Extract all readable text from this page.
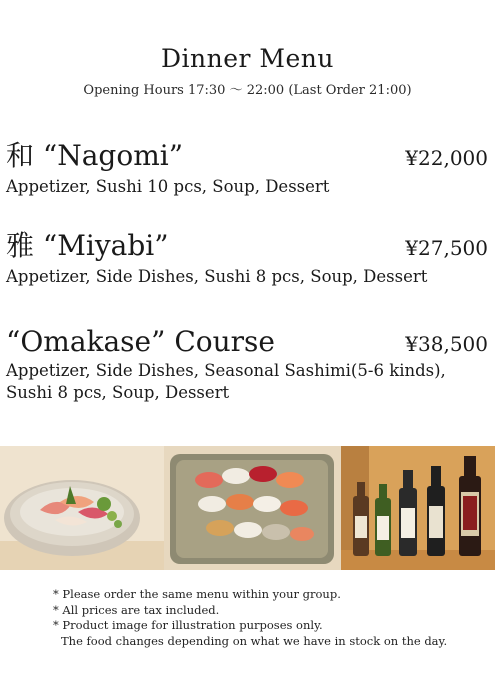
Dinner Menu
Opening Hours 17:30 〜 22:00 (Last Order 21:00)
和 “Nagomi”	¥22,000
Appetizer, Sushi 10 pcs, Soup, Dessert
雅 “Miyabi”	¥27,500
Appetizer, Side Dishes, Sushi 8 pcs, Soup, Dessert
“Omakase” Course	¥38,500
Appetizer, Side Dishes, Seasonal Sashimi(5-6 kinds), Sushi 8 pcs, Soup, Dessert
* Please order the same menu within your group.
* All prices are tax included.
* Product image for illustration purposes only.
The food changes depending on what we have in stock on the day.
